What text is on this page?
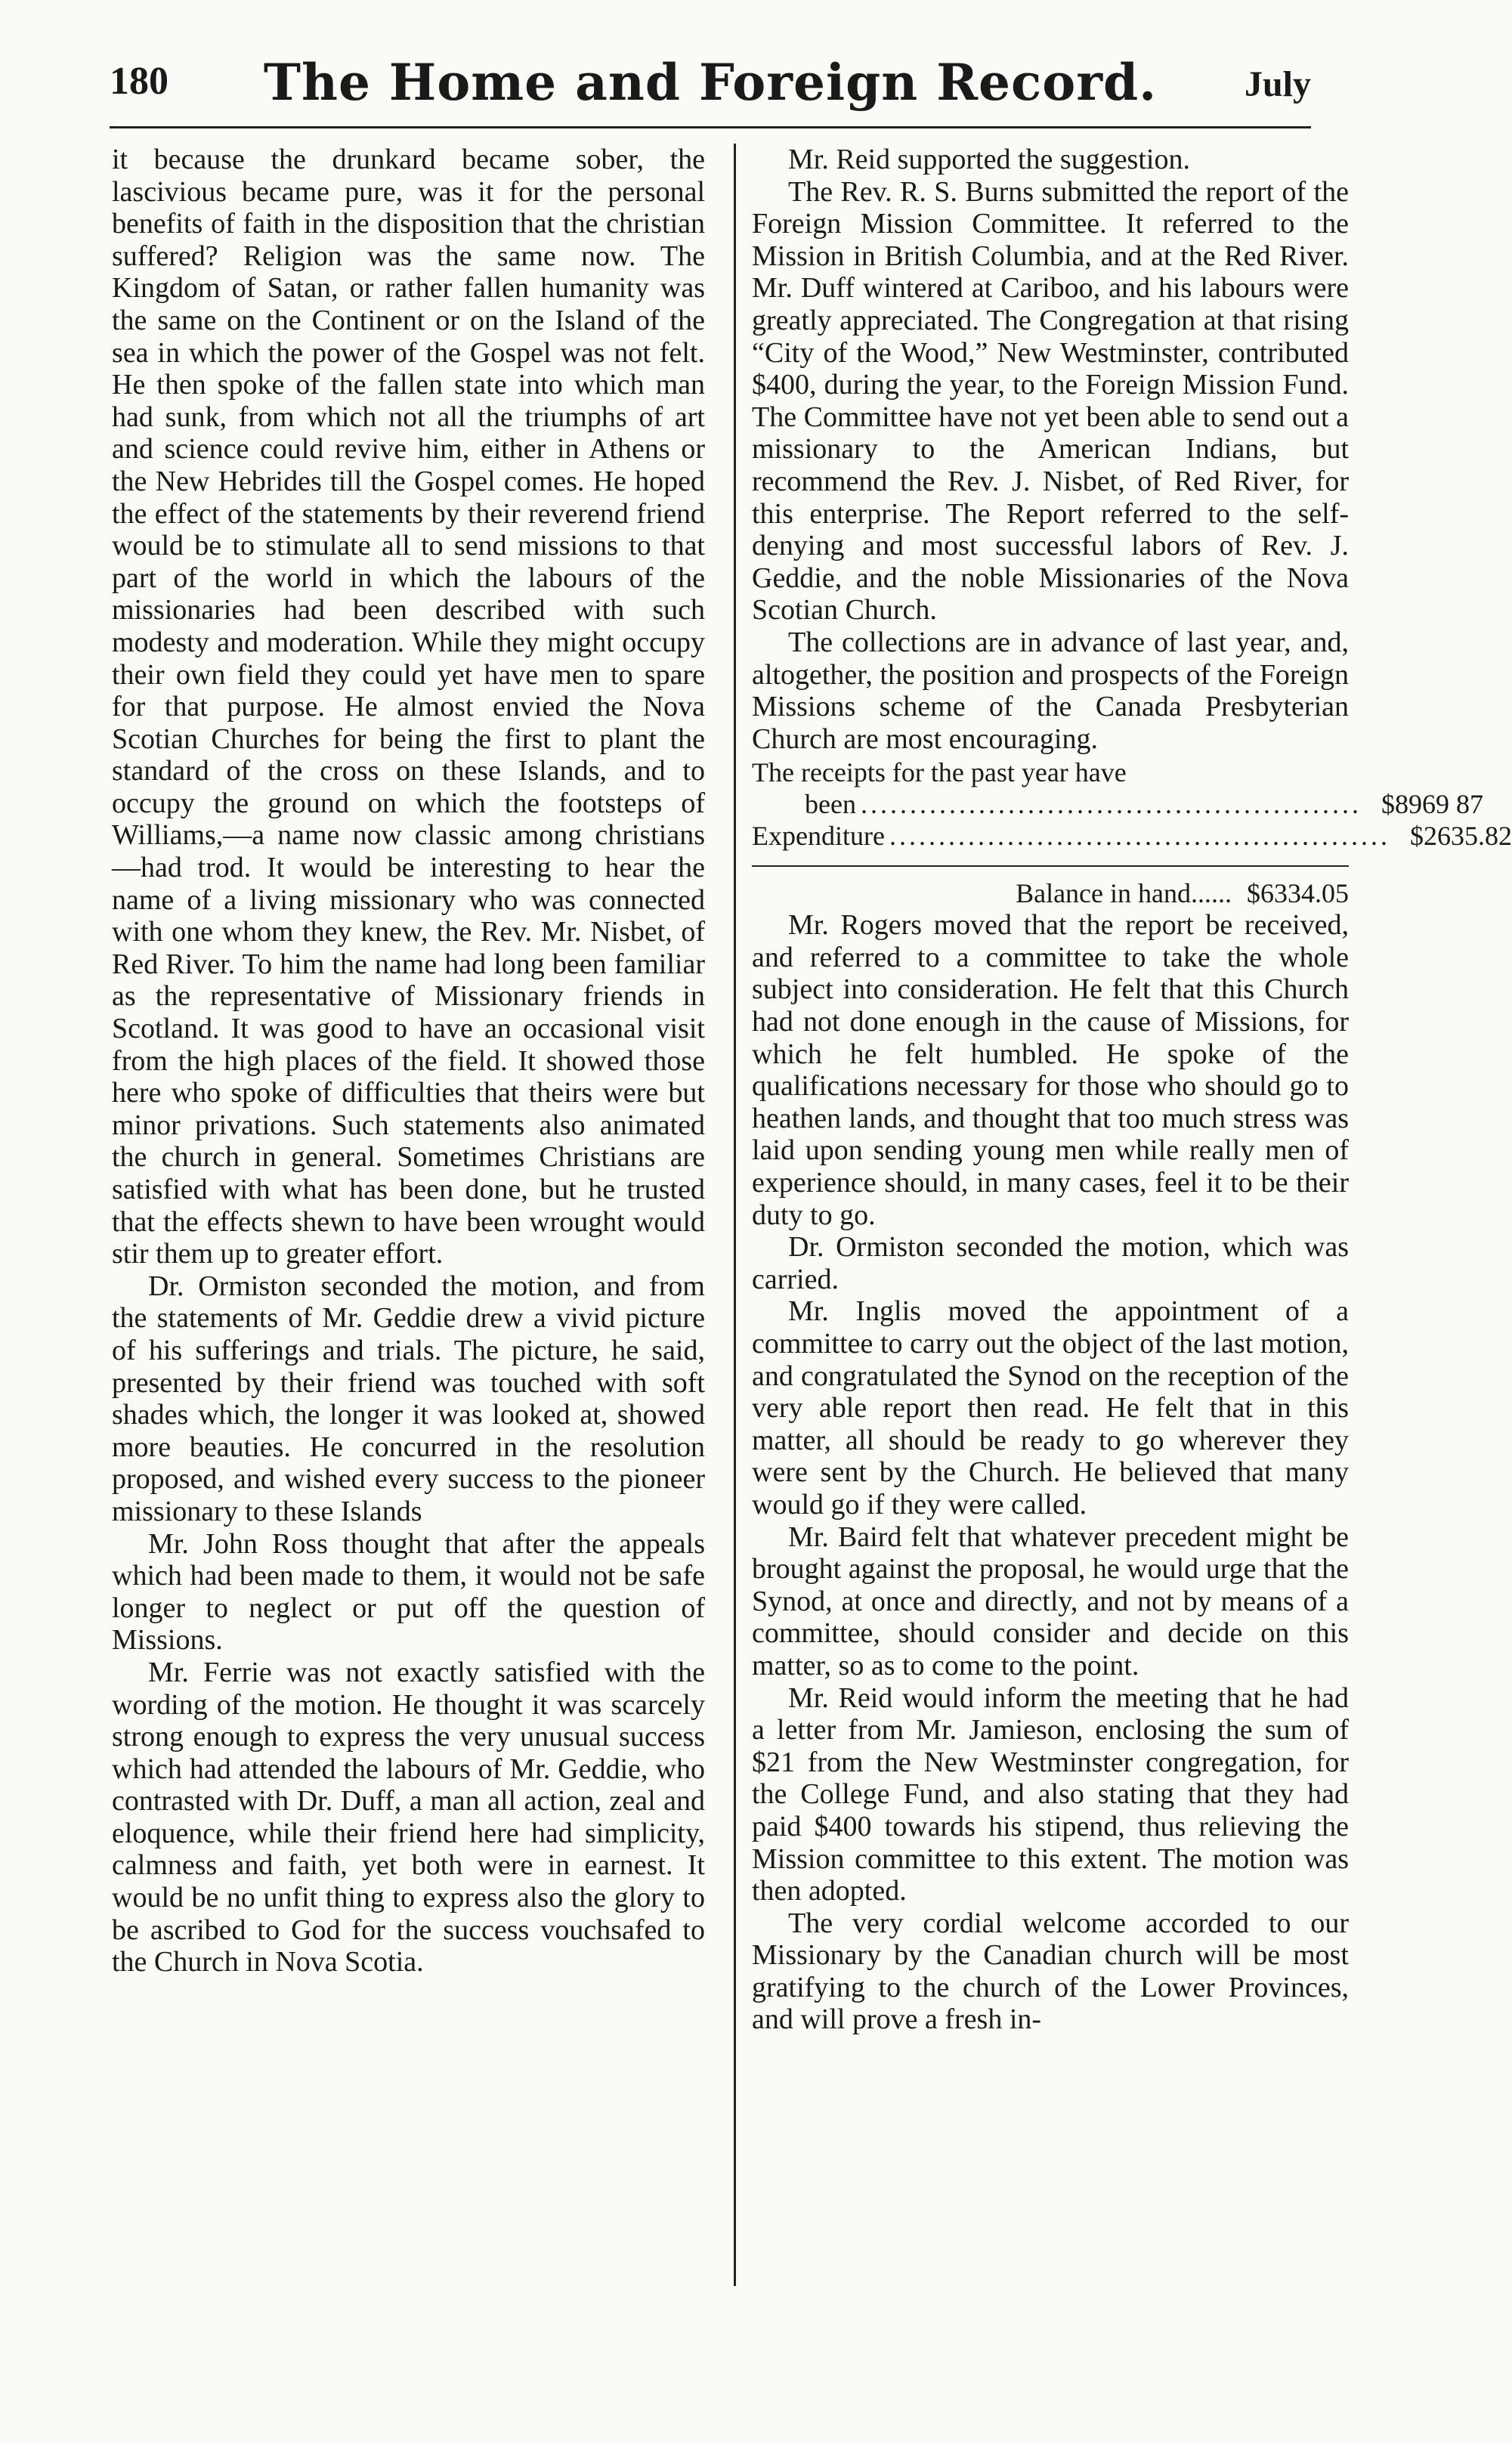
180	The Home and Foreign Record.	July

it because the drunkard became sober, the lascivious became pure, was it for the personal benefits of faith in the disposition that the christian suffered? Religion was the same now. The Kingdom of Satan, or rather fallen humanity was the same on the Continent or on the Island of the sea in which the power of the Gospel was not felt. He then spoke of the fallen state into which man had sunk, from which not all the triumphs of art and science could revive him, either in Athens or the New Hebrides till the Gospel comes. He hoped the effect of the statements by their reverend friend would be to stimulate all to send missions to that part of the world in which the labours of the missionaries had been described with such modesty and moderation. While they might occupy their own field they could yet have men to spare for that purpose. He almost envied the Nova Scotian Churches for being the first to plant the standard of the cross on these Islands, and to occupy the ground on which the footsteps of Williams,—a name now classic among christians—had trod. It would be interesting to hear the name of a living missionary who was connected with one whom they knew, the Rev. Mr. Nisbet, of Red River. To him the name had long been familiar as the representative of Missionary friends in Scotland. It was good to have an occasional visit from the high places of the field. It showed those here who spoke of difficulties that theirs were but minor privations. Such statements also animated the church in general. Sometimes Christians are satisfied with what has been done, but he trusted that the effects shewn to have been wrought would stir them up to greater effort.

Dr. Ormiston seconded the motion, and from the statements of Mr. Geddie drew a vivid picture of his sufferings and trials. The picture, he said, presented by their friend was touched with soft shades which, the longer it was looked at, showed more beauties. He concurred in the resolution proposed, and wished every success to the pioneer missionary to these Islands

Mr. John Ross thought that after the appeals which had been made to them, it would not be safe longer to neglect or put off the question of Missions.

Mr. Ferrie was not exactly satisfied with the wording of the motion. He thought it was scarcely strong enough to express the very unusual success which had attended the labours of Mr. Geddie, who contrasted with Dr. Duff, a man all action, zeal and eloquence, while their friend here had simplicity, calmness and faith, yet both were in earnest. It would be no unfit thing to express also the glory to be ascribed to God for the success vouchsafed to the Church in Nova Scotia.

Mr. Reid supported the suggestion.

The Rev. R. S. Burns submitted the report of the Foreign Mission Committee. It referred to the Mission in British Columbia, and at the Red River. Mr. Duff wintered at Cariboo, and his labours were greatly appreciated. The Congregation at that rising “City of the Wood,” New Westminster, contributed $400, during the year, to the Foreign Mission Fund. The Committee have not yet been able to send out a missionary to the American Indians, but recommend the Rev. J. Nisbet, of Red River, for this enterprise. The Report referred to the self-denying and most successful labors of Rev. J. Geddie, and the noble Missionaries of the Nova Scotian Church.

The collections are in advance of last year, and, altogether, the position and prospects of the Foreign Missions scheme of the Canada Presbyterian Church are most encouraging.

The receipts for the past year have
been ................................................... $8969 87
Expenditure ................................................... $2635.82
Balance in hand...... $6334.05

Mr. Rogers moved that the report be received, and referred to a committee to take the whole subject into consideration. He felt that this Church had not done enough in the cause of Missions, for which he felt humbled. He spoke of the qualifications necessary for those who should go to heathen lands, and thought that too much stress was laid upon sending young men while really men of experience should, in many cases, feel it to be their duty to go.

Dr. Ormiston seconded the motion, which was carried.

Mr. Inglis moved the appointment of a committee to carry out the object of the last motion, and congratulated the Synod on the reception of the very able report then read. He felt that in this matter, all should be ready to go wherever they were sent by the Church. He believed that many would go if they were called.

Mr. Baird felt that whatever precedent might be brought against the proposal, he would urge that the Synod, at once and directly, and not by means of a committee, should consider and decide on this matter, so as to come to the point.

Mr. Reid would inform the meeting that he had a letter from Mr. Jamieson, enclosing the sum of $21 from the New Westminster congregation, for the College Fund, and also stating that they had paid $400 towards his stipend, thus relieving the Mission committee to this extent. The motion was then adopted.

The very cordial welcome accorded to our Missionary by the Canadian church will be most gratifying to the church of the Lower Provinces, and will prove a fresh in-
